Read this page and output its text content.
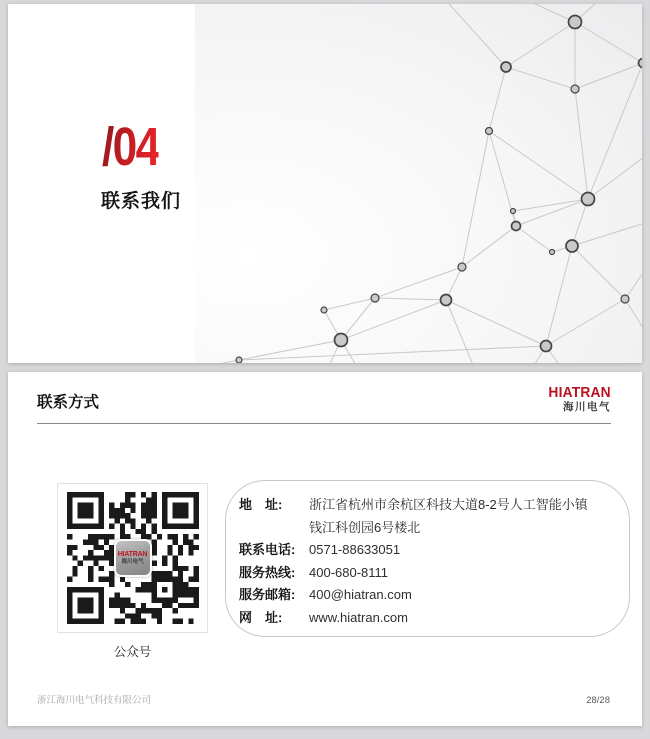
/04
联系我们
联系方式
HIATRAN
海川电气
HIATRAN
海川电气
公众号
地　址:	浙江省杭州市余杭区科技大道8-2号人工智能小镇
钱江科创园6号楼北
联系电话: 0571-88633051
服务热线: 400-680-8111
服务邮箱: 400@hiatran.com
网　址:	www.hiatran.com
浙江海川电气科技有限公司	28/28
